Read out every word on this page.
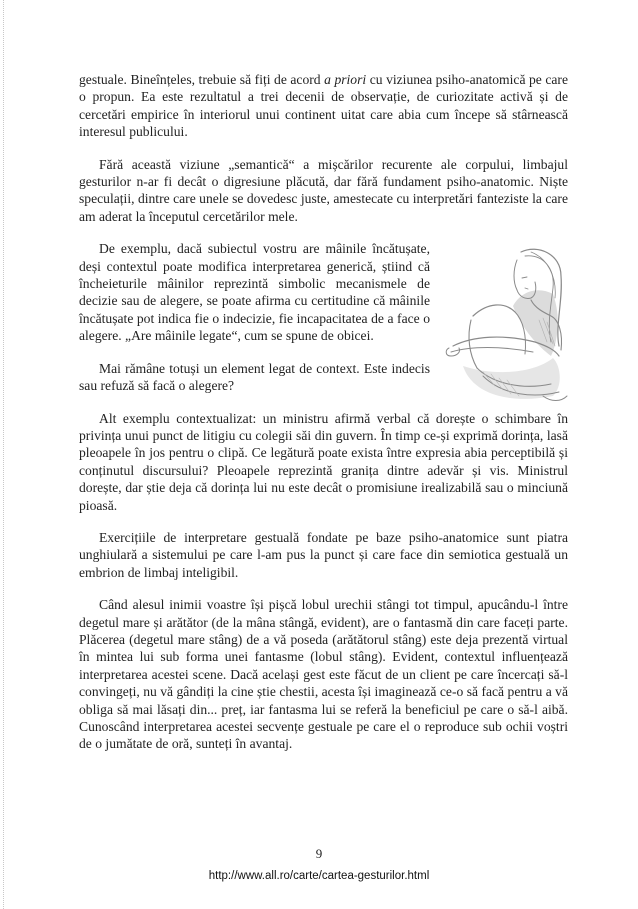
gestuale. Bineînțeles, trebuie să fiți de acord a priori cu viziunea psiho-anatomică pe care o propun. Ea este rezultatul a trei decenii de observație, de curiozitate activă și de cercetări empirice în interiorul unui continent uitat care abia cum începe să stârnească interesul publicului.

Fără această viziune „semantică“ a mișcărilor recurente ale corpului, limbajul gesturilor n-ar fi decât o digresiune plăcută, dar fără fundament psiho-anatomic. Niște speculații, dintre care unele se dovedesc juste, amestecate cu interpretări fanteziste la care am aderat la începutul cercetărilor mele.

De exemplu, dacă subiectul vostru are mâinile încătușate, deși contextul poate modifica interpretarea generică, știind că încheieturile mâinilor reprezintă simbolic mecanismele de decizie sau de alegere, se poate afirma cu certitudine că mâinile încătușate pot indica fie o indecizie, fie incapacitatea de a face o alegere. „Are mâinile legate“, cum se spune de obicei.

Mai rămâne totuși un element legat de context. Este indecis sau refuză să facă o alegere?

Alt exemplu contextualizat: un ministru afirmă verbal că dorește o schimbare în privința unui punct de litigiu cu colegii săi din guvern. În timp ce-și exprimă dorința, lasă pleoapele în jos pentru o clipă. Ce legătură poate exista între expresia abia perceptibilă și conținutul discursului? Pleoapele reprezintă granița dintre adevăr și vis. Ministrul dorește, dar știe deja că dorința lui nu este decât o promisiune irealizabilă sau o minciună pioasă.

Exercițiile de interpretare gestuală fondate pe baze psiho-anatomice sunt piatra unghiulară a sistemului pe care l-am pus la punct și care face din semiotica gestuală un embrion de limbaj inteligibil.

Când alesul inimii voastre își pișcă lobul urechii stângi tot timpul, apucându-l între degetul mare și arătător (de la mâna stângă, evident), are o fantasmă din care faceți parte. Plăcerea (degetul mare stâng) de a vă poseda (arătătorul stâng) este deja prezentă virtual în mintea lui sub forma unei fantasme (lobul stâng). Evident, contextul influențează interpretarea acestei scene. Dacă același gest este făcut de un client pe care încercați să-l convingeți, nu vă gândiți la cine știe chestii, acesta își imaginează ce-o să facă pentru a vă obliga să mai lăsați din... preț, iar fantasma lui se referă la beneficiul pe care o să-l aibă. Cunoscând interpretarea acestei secvențe gestuale pe care el o reproduce sub ochii voștri de o jumătate de oră, sunteți în avantaj.

9
http://www.all.ro/carte/cartea-gesturilor.html
